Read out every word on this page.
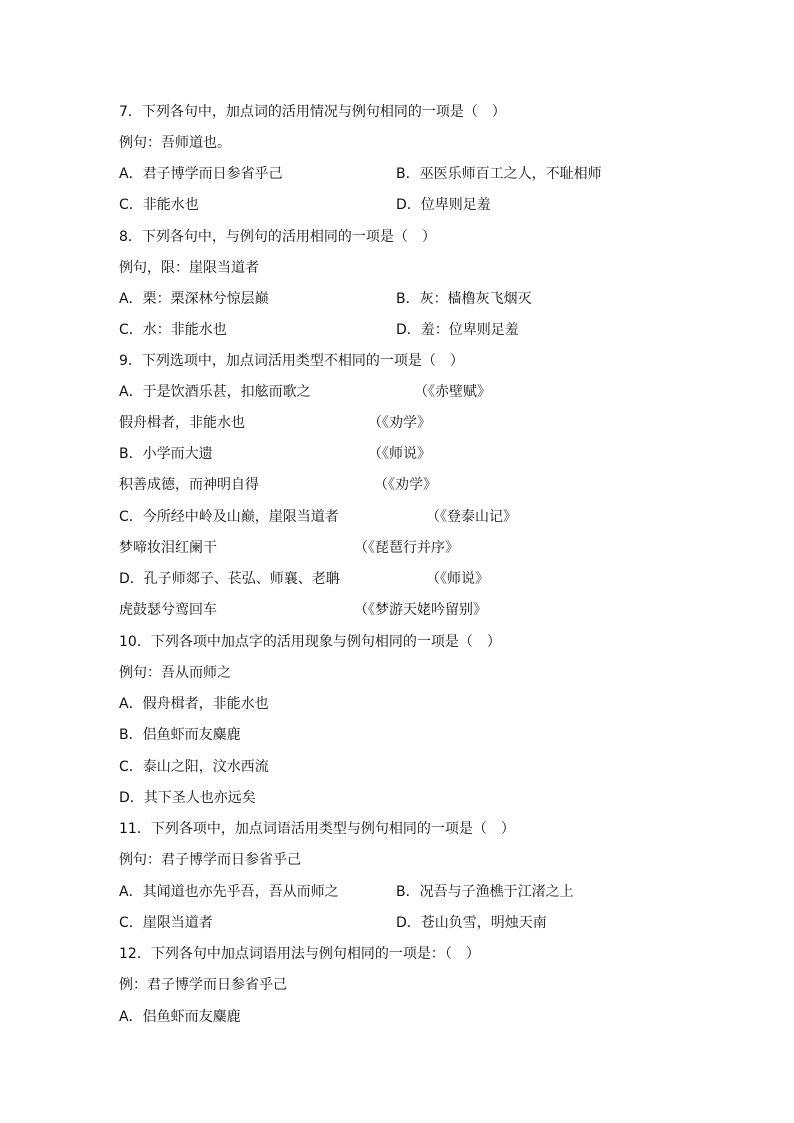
7．下列各句中，加点词的活用情况与例句相同的一项是（　）
例句：吾师道也。
A．君子博学而日参省乎己	B．巫医乐师百工之人，不耻相师
C．非能水也	D．位卑则足羞
8．下列各句中，与例句的活用相同的一项是（　）
例句，限：崖限当道者
A．栗：栗深林兮惊层巅	B．灰：樯橹灰飞烟灭
C．水：非能水也	D．羞：位卑则足羞
9．下列选项中，加点词活用类型不相同的一项是（　）
A．于是饮酒乐甚，扣舷而歌之	（《赤壁赋》
假舟楫者，非能水也	（《劝学》
B．小学而大遗	（《师说》
积善成德，而神明自得	（《劝学》
C．今所经中岭及山巅，崖限当道者	（《登泰山记》
梦啼妆泪红阑干	（《琵琶行并序》
D．孔子师郯子、苌弘、师襄、老聃	（《师说》
虎鼓瑟兮鸾回车	（《梦游天姥吟留别》
10．下列各项中加点字的活用现象与例句相同的一项是（　）
例句：吾从而师之
A．假舟楫者，非能水也
B．侣鱼虾而友麋鹿
C．泰山之阳，汶水西流
D．其下圣人也亦远矣
11．下列各项中，加点词语活用类型与例句相同的一项是（　）
例句：君子博学而日参省乎己
A．其闻道也亦先乎吾，吾从而师之	B．况吾与子渔樵于江渚之上
C．崖限当道者	D．苍山负雪，明烛天南
12．下列各句中加点词语用法与例句相同的一项是：（　）
例：君子博学而日参省乎己
A．侣鱼虾而友麋鹿
